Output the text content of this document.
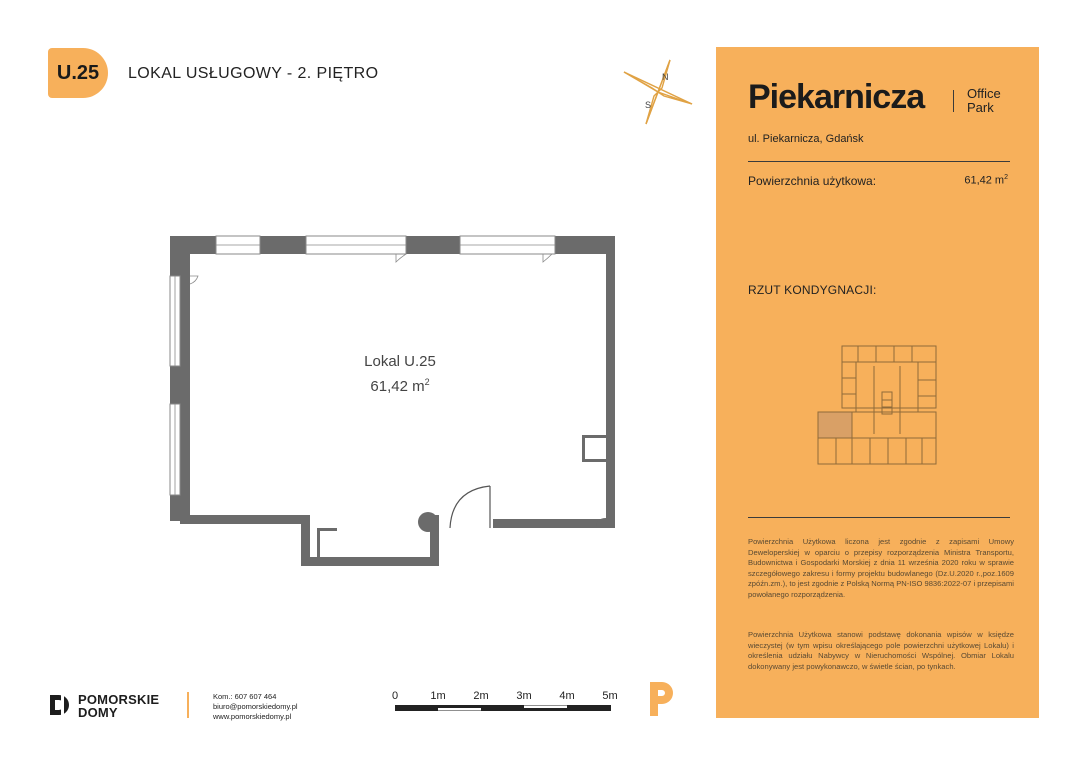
U.25	LOKAL USŁUGOWY - 2. PIĘTRO	N
S
Lokal U.25
61,42 $m^2$
Piekarnicza	Office
Park
ul. Piekarnicza, Gdańsk
Powierzchnia użytkowa:	61,42 $m^2$
RZUT KONDYGNACJI:
Powierzchnia Użytkowa liczona jest zgodnie z zapisami Umowy Deweloperskiej w oparciu o przepisy rozporządzenia Ministra Transportu, Budownictwa i Gospodarki Morskiej z dnia 11 września 2020 roku w sprawie szczegółowego zakresu i formy projektu budowlanego (Dz.U.2020 r.,poz.1609 zpóźn.zm.), to jest zgodnie z Polską Normą PN-ISO 9836:2022-07 i przepisami powołanego rozporządzenia.
Powierzchnia Użytkowa stanowi podstawę dokonania wpisów w księdze wieczystej (w tym wpisu określającego pole powierzchni użytkowej Lokalu) i określenia udziału Nabywcy w Nieruchomości Wspólnej. Obmiar Lokalu dokonywany jest powykonawczo, w świetle ścian, po tynkach.
POMORSKIE
DOMY
Kom.: 607 607 464
biuro@pomorskiedomy.pl
www.pomorskiedomy.pl
0	1m	2m	3m	4m	5m
